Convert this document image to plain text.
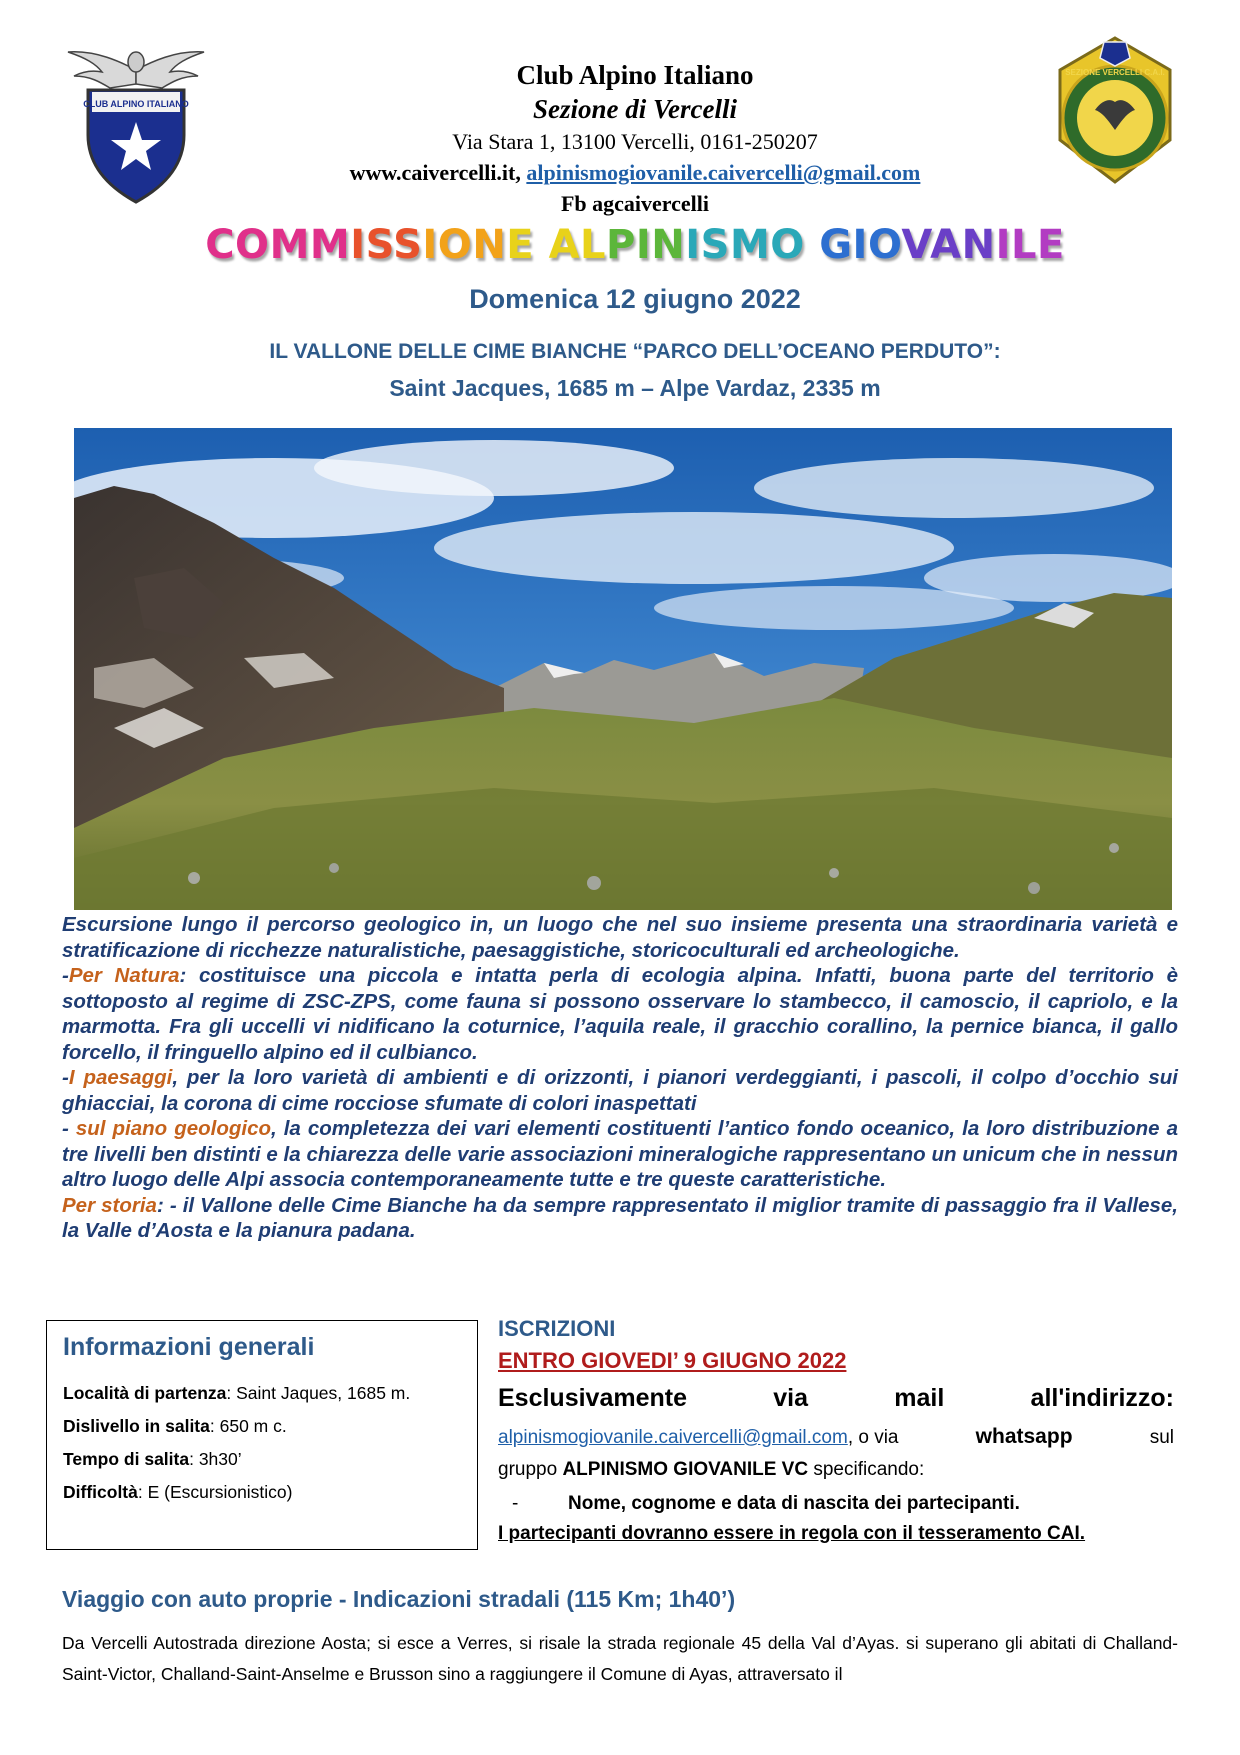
CLUB ALPINO ITALIANO
SEZIONE VERCELLI C.A.I.
Club Alpino Italiano
Sezione di Vercelli
Via Stara 1, 13100 Vercelli, 0161-250207
www.caivercelli.it, alpinismogiovanile.caivercelli@gmail.com
Fb agcaivercelli
COMMISSIONE ALPINISMO GIOVANILE
Domenica 12 giugno 2022
IL VALLONE DELLE CIME BIANCHE “PARCO DELL’OCEANO PERDUTO”:
Saint Jacques, 1685 m – Alpe Vardaz, 2335 m

Escursione lungo il percorso geologico in, un luogo che nel suo insieme presenta una straordinaria varietà e stratificazione di ricchezze naturalistiche, paesaggistiche, storicoculturali ed archeologiche.

-Per Natura: costituisce una piccola e intatta perla di ecologia alpina. Infatti, buona parte del territorio è sottoposto al regime di ZSC-ZPS, come fauna si possono osservare lo stambecco, il camoscio, il capriolo, e la marmotta. Fra gli uccelli vi nidificano la coturnice, l’aquila reale, il gracchio corallino, la pernice bianca, il gallo forcello, il fringuello alpino ed il culbianco.

-I paesaggi, per la loro varietà di ambienti e di orizzonti, i pianori verdeggianti, i pascoli, il colpo d’occhio sui ghiacciai, la corona di cime rocciose sfumate di colori inaspettati

- sul piano geologico, la completezza dei vari elementi costituenti l’antico fondo oceanico, la loro distribuzione a tre livelli ben distinti e la chiarezza delle varie associazioni mineralogiche rappresentano un unicum che in nessun altro luogo delle Alpi associa contemporaneamente tutte e tre queste caratteristiche.

Per storia: - il Vallone delle Cime Bianche ha da sempre rappresentato il miglior tramite di passaggio fra il Vallese, la Valle d’Aosta e la pianura padana.

Informazioni generali
Località di partenza: Saint Jaques, 1685 m.
Dislivello in salita: 650 m c.
Tempo di salita: 3h30’
Difficoltà: E (Escursionistico)
ISCRIZIONI
ENTRO GIOVEDI’ 9 GIUGNO 2022
Esclusivamente	via	mail	all'indirizzo:
alpinismogiovanile.caivercelli@gmail.com, o via	whatsapp	sul
gruppo ALPINISMO GIOVANILE VC specificando:
-	Nome, cognome e data di nascita dei partecipanti.
I partecipanti dovranno essere in regola con il tesseramento CAI.
Viaggio con auto proprie - Indicazioni stradali (115 Km; 1h40’)

Da Vercelli Autostrada direzione Aosta; si esce a Verres, si risale la strada regionale 45 della Val d’Ayas. si superano gli abitati di Challand-Saint-Victor, Challand-Saint-Anselme e Brusson sino a raggiungere il Comune di Ayas, attraversato il
